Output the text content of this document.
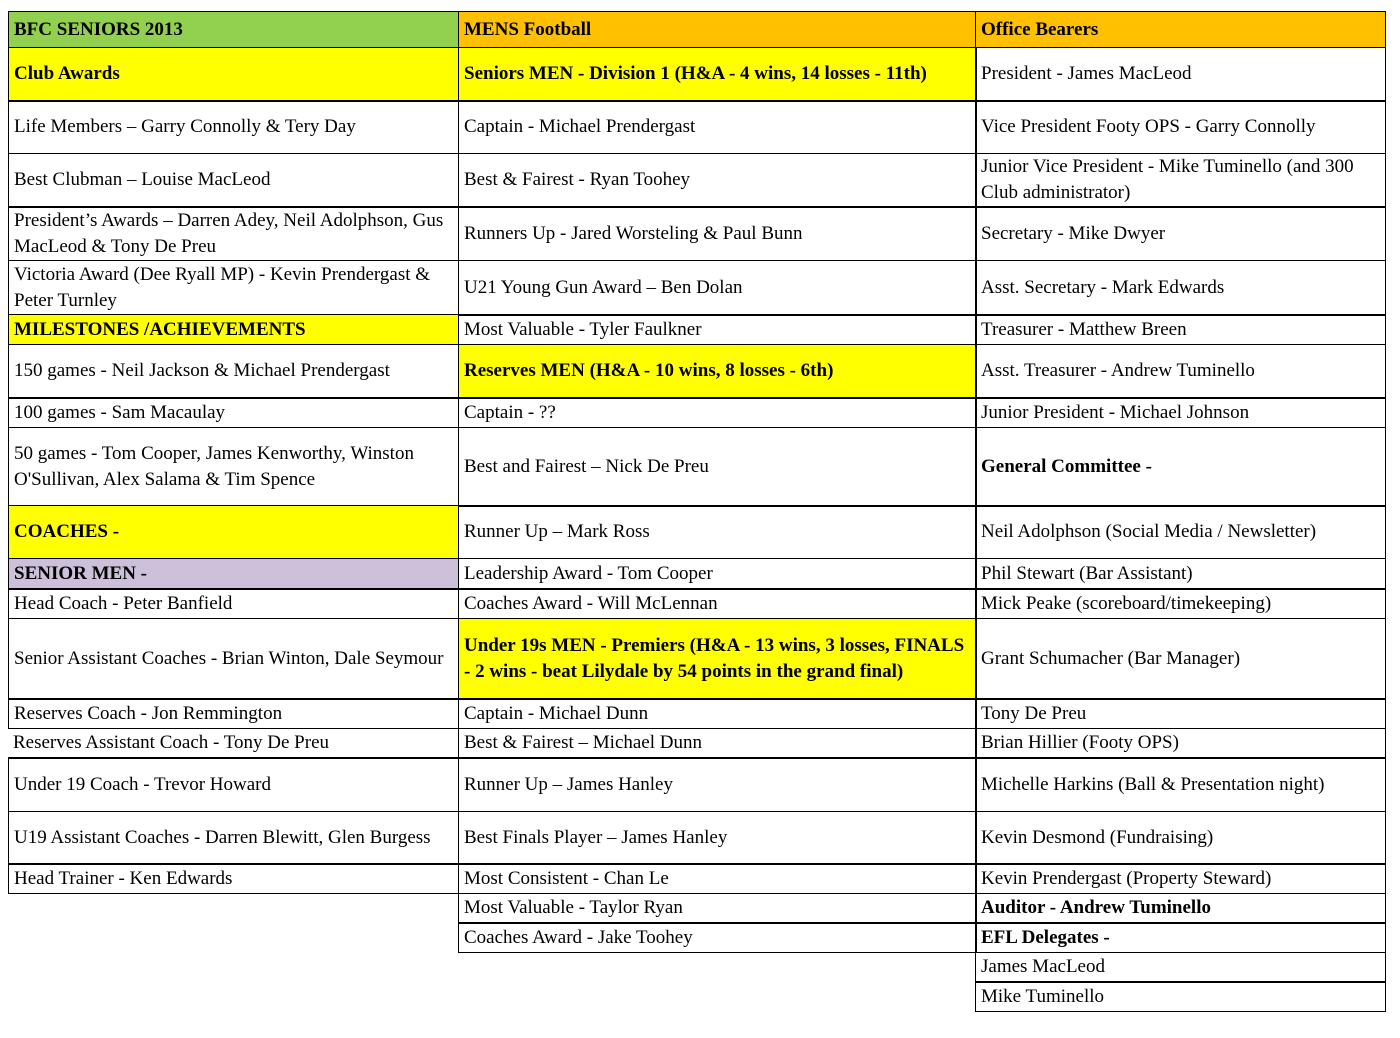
BFC SENIORS 2013
Club Awards
Life Members – Garry Connolly & Tery Day
Best Clubman – Louise MacLeod
President’s Awards – Darren Adey, Neil Adolphson, Gus MacLeod & Tony De Preu
Victoria Award (Dee Ryall MP) - Kevin Prendergast & Peter Turnley
MILESTONES /ACHIEVEMENTS
150 games - Neil Jackson & Michael Prendergast
100 games - Sam Macaulay
50 games - Tom Cooper, James Kenworthy, Winston O'Sullivan, Alex Salama & Tim Spence
COACHES -
SENIOR MEN -
Head Coach - Peter Banfield
Senior Assistant Coaches - Brian Winton, Dale Seymour
Reserves Coach - Jon Remmington
Reserves Assistant Coach - Tony De Preu
Under 19 Coach - Trevor Howard
U19 Assistant Coaches - Darren Blewitt, Glen Burgess
Head Trainer - Ken Edwards
MENS Football
Seniors MEN - Division 1 (H&A - 4 wins, 14 losses - 11th)
Captain - Michael Prendergast
Best & Fairest - Ryan Toohey
Runners Up - Jared Worsteling & Paul Bunn
U21 Young Gun Award – Ben Dolan
Most Valuable - Tyler Faulkner
Reserves MEN (H&A - 10 wins, 8 losses - 6th)
Captain - ??
Best and Fairest – Nick De Preu
Runner Up – Mark Ross
Leadership Award - Tom Cooper
Coaches Award - Will McLennan
Under 19s MEN - Premiers (H&A - 13 wins, 3 losses, FINALS - 2 wins - beat Lilydale by 54 points in the grand final)
Captain - Michael Dunn
Best & Fairest – Michael Dunn
Runner Up – James Hanley
Best Finals Player – James Hanley
Most Consistent - Chan Le
Most Valuable - Taylor Ryan
Coaches Award - Jake Toohey
Office Bearers
President - James MacLeod
Vice President Footy OPS - Garry Connolly
Junior Vice President - Mike Tuminello (and 300 Club administrator)
Secretary - Mike Dwyer
Asst. Secretary - Mark Edwards
Treasurer - Matthew Breen
Asst. Treasurer - Andrew Tuminello
Junior President - Michael Johnson
General Committee -
Neil Adolphson (Social Media / Newsletter)
Phil Stewart (Bar Assistant)
Mick Peake (scoreboard/timekeeping)
Grant Schumacher (Bar Manager)
Tony De Preu
Brian Hillier (Footy OPS)
Michelle Harkins (Ball & Presentation night)
Kevin Desmond (Fundraising)
Kevin Prendergast (Property Steward)
Auditor - Andrew Tuminello
EFL Delegates -
James MacLeod
Mike Tuminello
